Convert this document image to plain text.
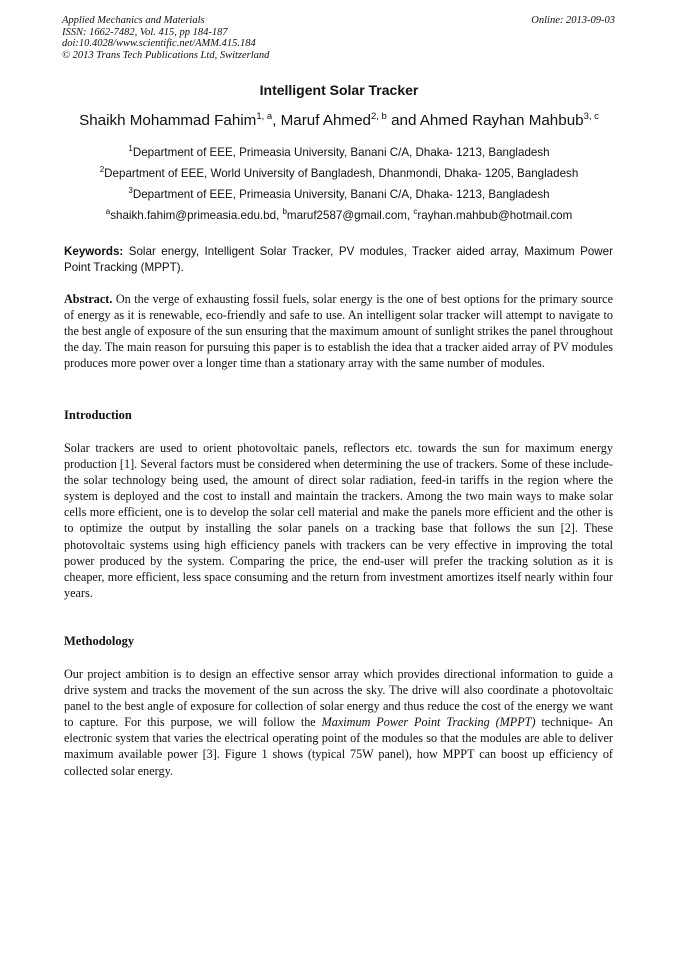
Applied Mechanics and Materials
ISSN: 1662-7482, Vol. 415, pp 184-187
doi:10.4028/www.scientific.net/AMM.415.184
© 2013 Trans Tech Publications Ltd, Switzerland
Online: 2013-09-03
Intelligent Solar Tracker
Shaikh Mohammad Fahim$^{1, a}$, Maruf Ahmed$^{2, b}$ and Ahmed Rayhan Mahbub$^{3, c}$
$^1$Department of EEE, Primeasia University, Banani C/A, Dhaka- 1213, Bangladesh
$^2$Department of EEE, World University of Bangladesh, Dhanmondi, Dhaka- 1205, Bangladesh
$^3$Department of EEE, Primeasia University, Banani C/A, Dhaka- 1213, Bangladesh
$^a$shaikh.fahim@primeasia.edu.bd, $^b$maruf2587@gmail.com, $^c$rayhan.mahbub@hotmail.com
Keywords: Solar energy, Intelligent Solar Tracker, PV modules, Tracker aided array, Maximum Power Point Tracking (MPPT).
Abstract. On the verge of exhausting fossil fuels, solar energy is the one of best options for the primary source of energy as it is renewable, eco-friendly and safe to use. An intelligent solar tracker will attempt to navigate to the best angle of exposure of the sun ensuring that the maximum amount of sunlight strikes the panel throughout the day. The main reason for pursuing this paper is to establish the idea that a tracker aided array of PV modules produces more power over a longer time than a stationary array with the same number of modules.
Introduction
Solar trackers are used to orient photovoltaic panels, reflectors etc. towards the sun for maximum energy production [1]. Several factors must be considered when determining the use of trackers. Some of these include- the solar technology being used, the amount of direct solar radiation, feed-in tariffs in the region where the system is deployed and the cost to install and maintain the trackers. Among the two main ways to make solar cells more efficient, one is to develop the solar cell material and make the panels more efficient and the other is to optimize the output by installing the solar panels on a tracking base that follows the sun [2]. These photovoltaic systems using high efficiency panels with trackers can be very effective in improving the total power produced by the system. Comparing the price, the end-user will prefer the tracking solution as it is cheaper, more efficient, less space consuming and the return from investment amortizes itself nearly within four years.
Methodology
Our project ambition is to design an effective sensor array which provides directional information to guide a drive system and tracks the movement of the sun across the sky. The drive will also coordinate a photovoltaic panel to the best angle of exposure for collection of solar energy and thus reduce the cost of the energy we want to capture. For this purpose, we will follow the Maximum Power Point Tracking (MPPT) technique- An electronic system that varies the electrical operating point of the modules so that the modules are able to deliver maximum available power [3]. Figure 1 shows (typical 75W panel), how MPPT can boost up efficiency of collected solar energy.
